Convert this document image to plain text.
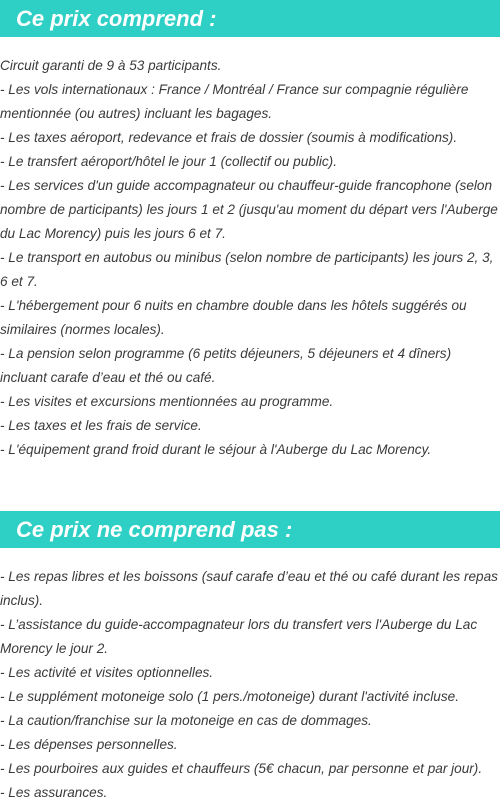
Ce prix comprend :
Circuit garanti de 9 à 53 participants.
- Les vols internationaux : France / Montréal / France sur compagnie régulière mentionnée (ou autres) incluant les bagages.
- Les taxes aéroport, redevance et frais de dossier (soumis à modifications).
- Le transfert aéroport/hôtel le jour 1 (collectif ou public).
- Les services d'un guide accompagnateur ou chauffeur-guide francophone (selon nombre de participants) les jours 1 et 2 (jusqu'au moment du départ vers l'Auberge du Lac Morency) puis les jours 6 et 7.
- Le transport en autobus ou minibus (selon nombre de participants) les jours 2, 3, 6 et 7.
- L'hébergement pour 6 nuits en chambre double dans les hôtels suggérés ou similaires (normes locales).
- La pension selon programme (6 petits déjeuners, 5 déjeuners et 4 dîners) incluant carafe d’eau et thé ou café.
- Les visites et excursions mentionnées au programme.
- Les taxes et les frais de service.
- L'équipement grand froid durant le séjour à l'Auberge du Lac Morency.
Ce prix ne comprend pas :
- Les repas libres et les boissons (sauf carafe d’eau et thé ou café durant les repas inclus).
- L’assistance du guide-accompagnateur lors du transfert vers l'Auberge du Lac Morency le jour 2.
- Les activité et visites optionnelles.
- Le supplément motoneige solo (1 pers./motoneige) durant l'activité incluse.
- La caution/franchise sur la motoneige en cas de dommages.
- Les dépenses personnelles.
- Les pourboires aux guides et chauffeurs (5€ chacun, par personne et par jour).
- Les assurances.
